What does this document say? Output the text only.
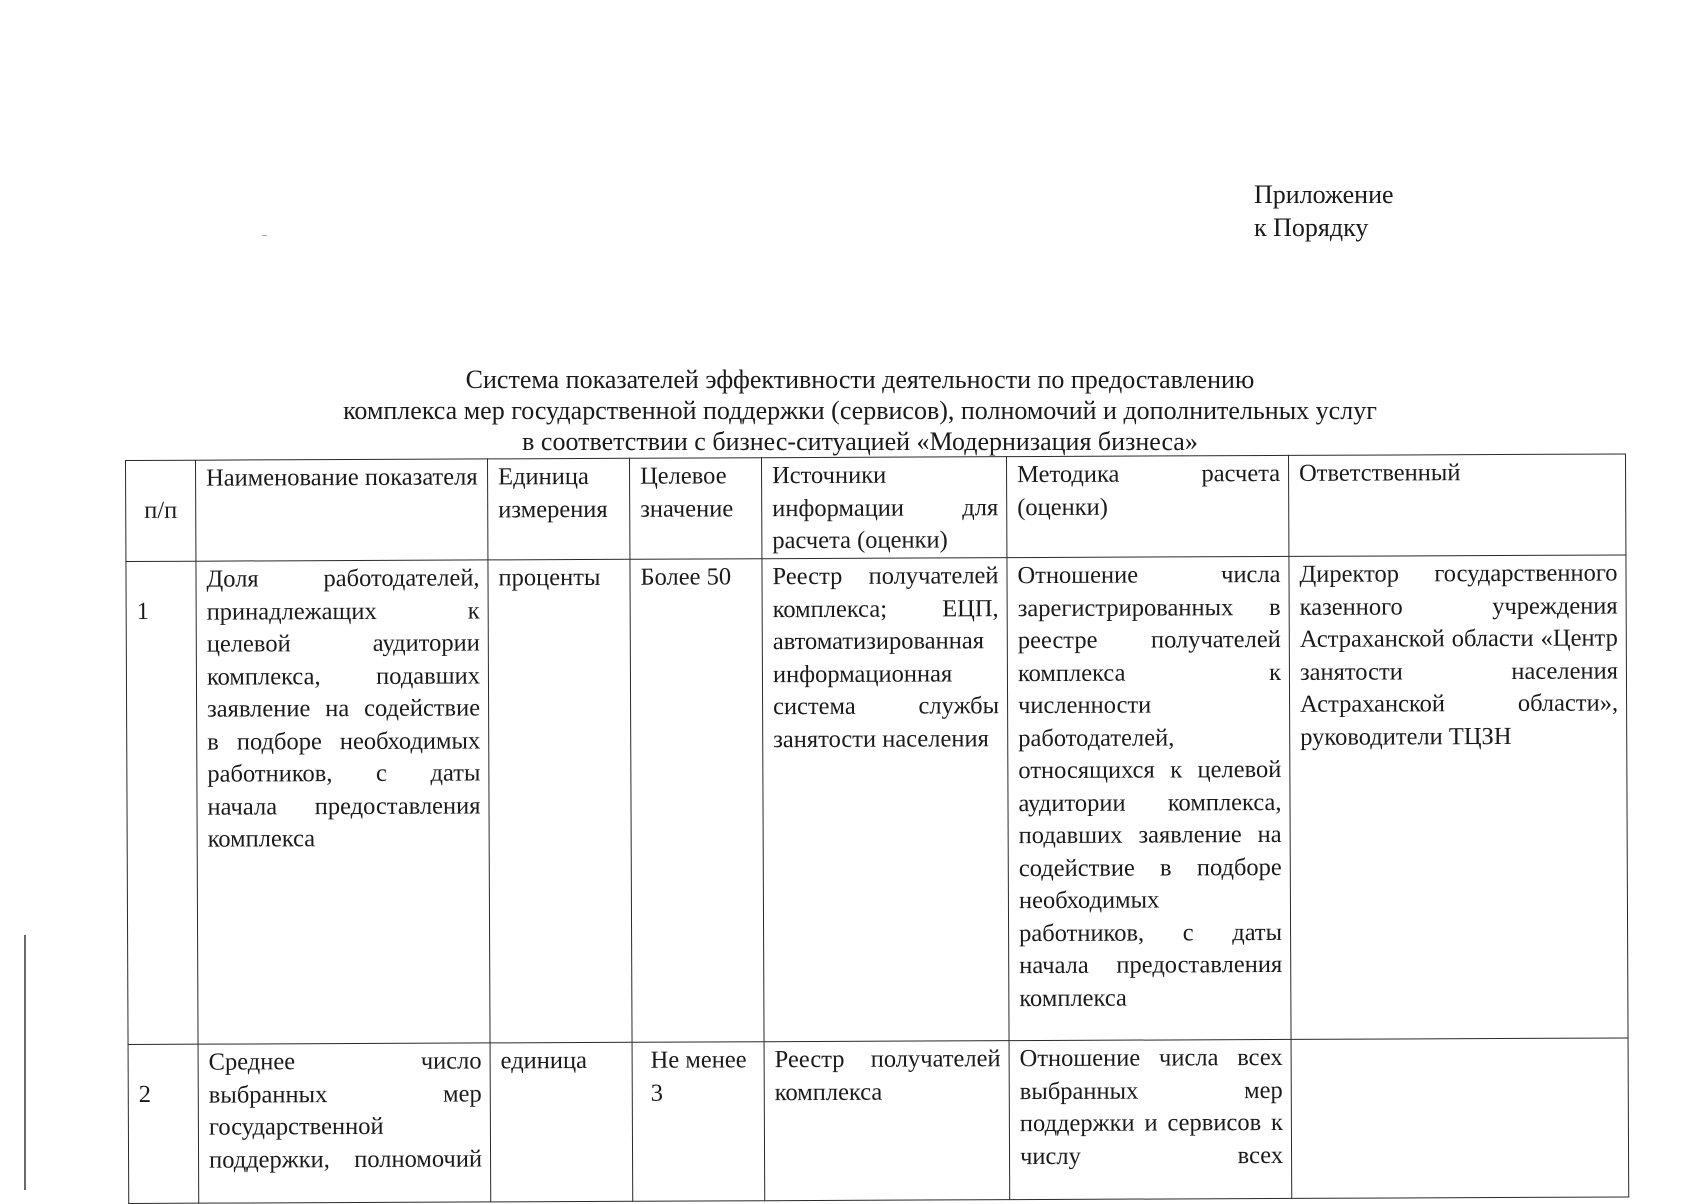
Приложение
к Порядку
Система показателей эффективности деятельности по предоставлению
комплекса мер государственной поддержки (сервисов), полномочий и дополнительных услуг
в соответствии с бизнес-ситуацией «Модернизация бизнеса»
п/п	Наименование показателя	Единица измерения	Целевое значение	Источники информации для расчета (оценки)	Методика расчета (оценки)	Ответственный
1	Доля работодателей, принадлежащих к целевой аудитории комплекса, подавших заявление на содействие в подборе необходимых работников, с даты начала предоставления комплекса	проценты	Более 50	Реестр получателей комплекса; ЕЦП, автоматизированная информационная система службы занятости населения	Отношение числа зарегистрированных в реестре получателей комплекса к численности работодателей, относящихся к целевой аудитории комплекса, подавших заявление на содействие в подборе необходимых работников, с даты начала предоставления комплекса	Директор государственного казенного учреждения Астраханской области «Центр занятости населения Астраханской области», руководители ТЦЗН
2	Среднее число выбранных мер государственной поддержки, полномочий	единица	Не менее 3	Реестр получателей комплекса	Отношение числа всех выбранных мер поддержки и сервисов к числу всех	
